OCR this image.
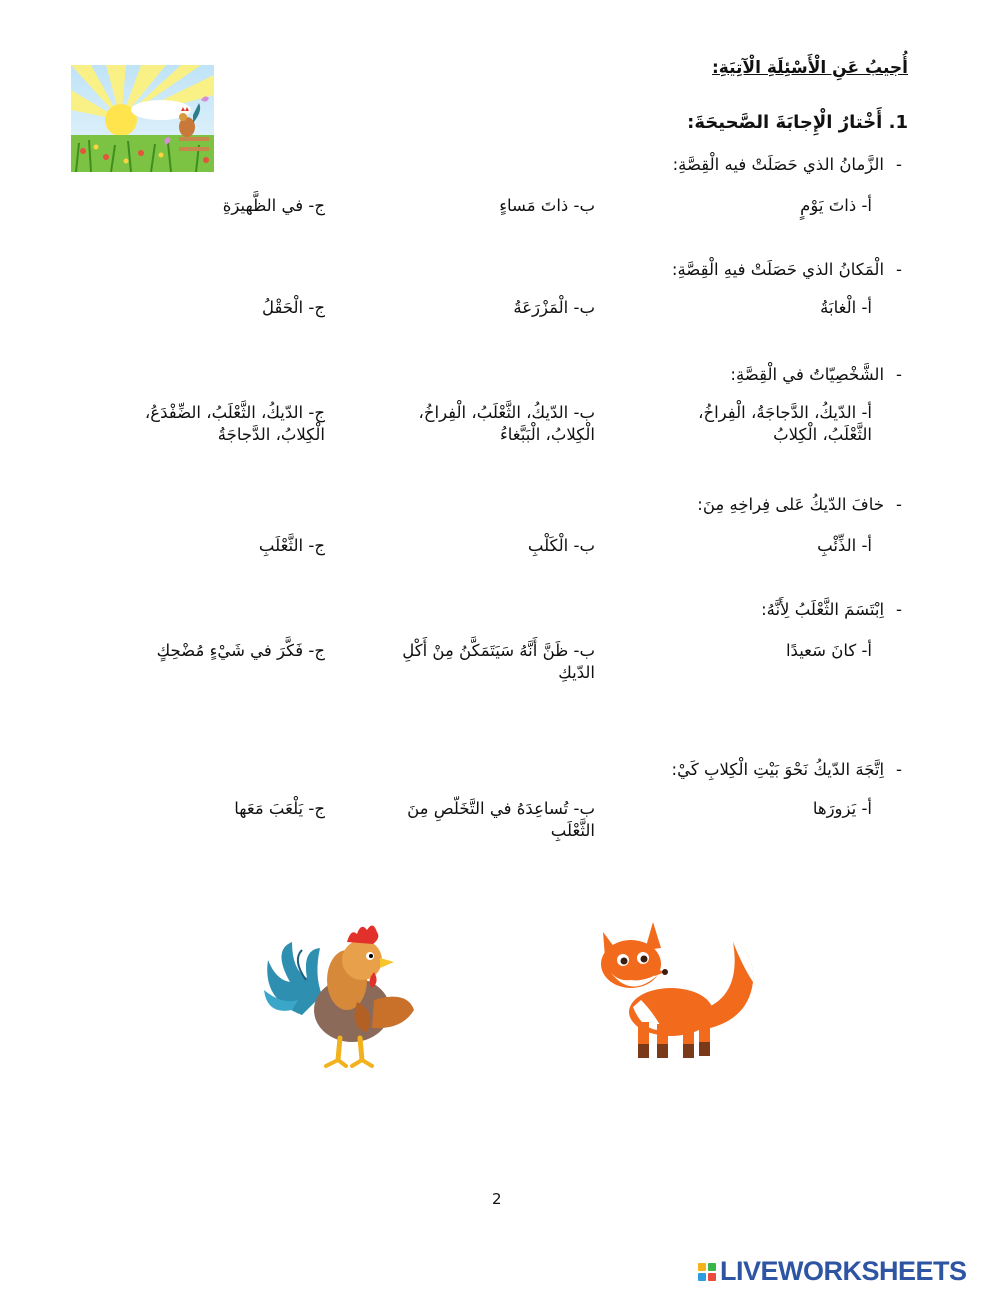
أُجيبُ عَنِ الْأَسْئِلَةِ الْآتِيَةِ:
1. أَخْتارُ الْإِجابَةَ الصَّحيحَةَ:
-الزَّمانُ الذي حَصَلَتْ فيه الْقِصَّةِ:
أ- ذاتَ يَوْمٍ
ب- ذاتَ مَساءٍ
ج- في الظَّهيرَةِ
-الْمَكانُ الذي حَصَلَتْ فيهِ الْقِصَّةِ:
أ- الْغابَةُ
ب- الْمَزْرَعَةُ
ج- الْحَقْلُ
-الشَّخْصِيّاتُ في الْقِصَّةِ:
أ- الدّيكُ، الدَّجاجَةُ، الْفِراخُ، الثَّعْلَبُ، الْكِلابُ
ب- الدّيكُ، الثَّعْلَبُ، الْفِراخُ، الْكِلابُ، الْبَبَّغاءُ
ج- الدّيكُ، الثَّعْلَبُ، الضِّفْدَعُ، الْكِلابُ، الدَّجاجَةُ
-خافَ الدّيكُ عَلى فِراخِهِ مِنَ:
أ- الذِّئْبِ
ب- الْكَلْبِ
ج- الثَّعْلَبِ
-اِبْتَسَمَ الثَّعْلَبُ لِأَنَّهُ:
أ- كانَ سَعيدًا
ب- ظَنَّ أَنَّهُ سَيَتَمَكَّنُ مِنْ أَكْلِ الدّيكِ
ج- فَكَّرَ في شَيْءٍ مُضْحِكٍ
-اِتَّجَهَ الدّيكُ نَحْوَ بَيْتِ الْكِلابِ كَيْ:
أ- يَزورَها
ب- تُساعِدَهُ في التَّخَلّصِ مِنَ الثَّعْلَبِ
ج- يَلْعَبَ مَعَها
2
LIVEWORKSHEETS
